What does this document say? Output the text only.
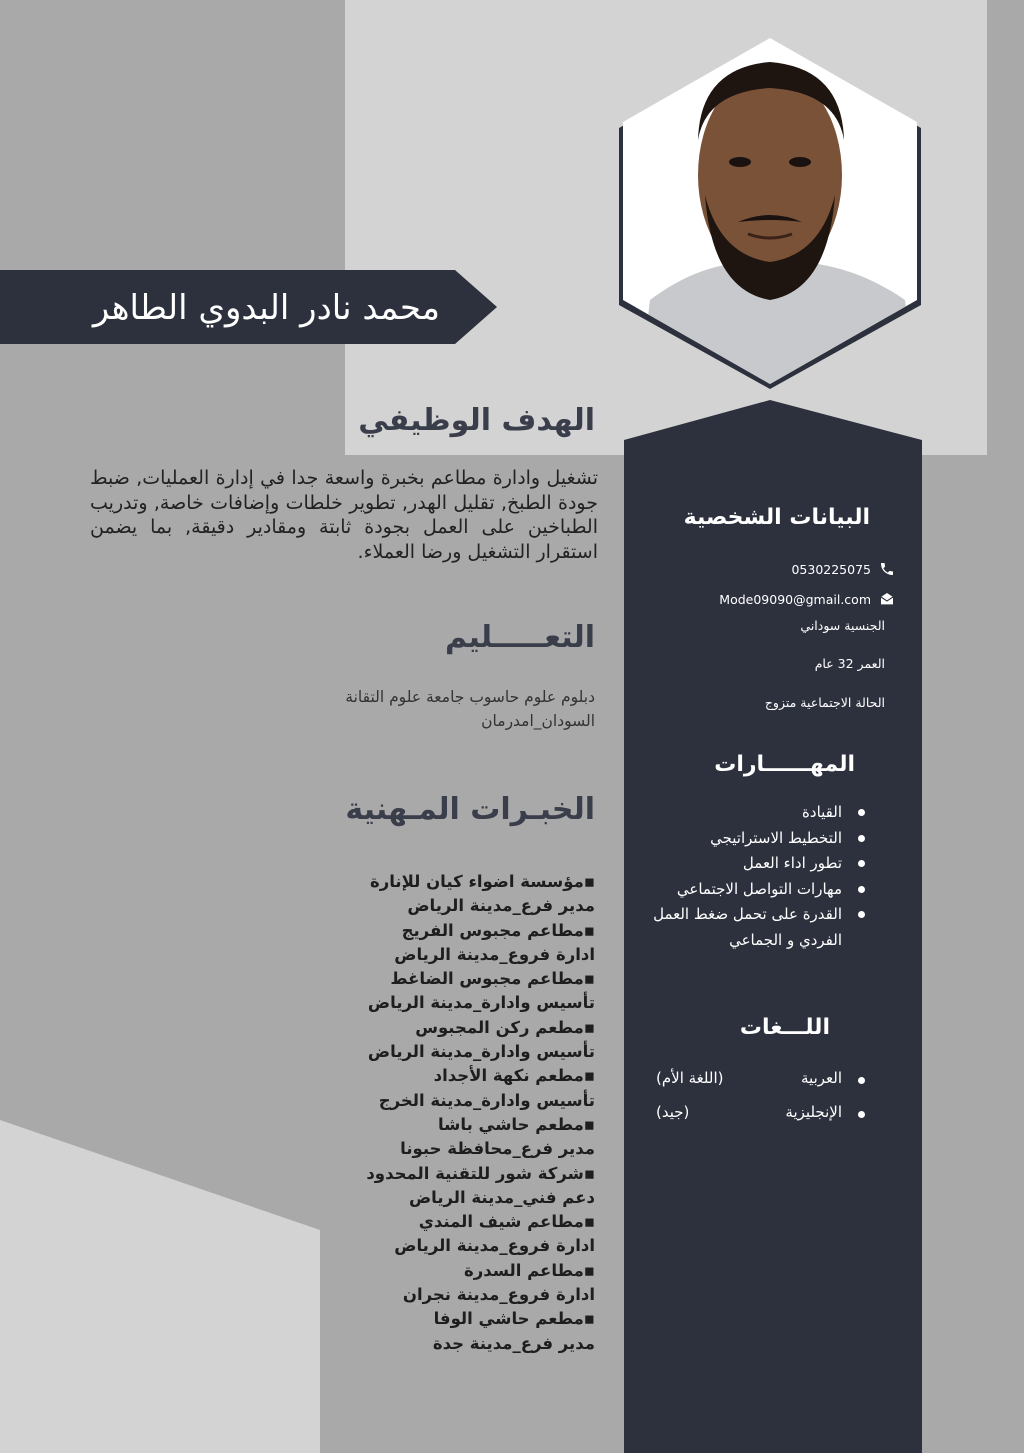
محمد نادر البدوي الطاهر
الهدف الوظيفي
تشغيل وادارة مطاعم بخبرة واسعة جدا في إدارة العمليات, ضبط جودة الطبخ, تقليل الهدر, تطوير خلطات وإضافات خاصة, وتدريب الطباخين على العمل بجودة ثابتة ومقادير دقيقة, بما يضمن استقرار التشغيل ورضا العملاء.
التعـــــليم
دبلوم علوم حاسوب جامعة علوم التقانة
السودان_امدرمان
الخبـرات المـهنية
▪مؤسسة اضواء كيان للإنارة
مدير فرع_مدينة الرياض
▪مطاعم مجبوس الفريج
ادارة فروع_مدينة الرياض
▪مطاعم مجبوس الضاغط
تأسيس وادارة_مدينة الرياض
▪مطعم ركن المجبوس
تأسيس وادارة_مدينة الرياض
▪مطعم نكهة الأجداد
تأسيس وادارة_مدينة الخرج
▪مطعم حاشي باشا
مدير فرع_محافظة حبونا
▪شركة شور للتقنية المحدود
دعم فني_مدينة الرياض
▪مطاعم شيف المندي
ادارة فروع_مدينة الرياض
▪مطاعم السدرة
ادارة فروع_مدينة نجران
▪مطعم حاشي الوفا
مدير فرع_مدينة جدة
البيانات الشخصية
0530225075
Mode09090@gmail.com
الجنسية سوداني
العمر 32 عام
الحالة الاجتماعية متزوج
المهــــــارات
القيادة
التخطيط الاستراتيجي
تطور اداء العمل
مهارات التواصل الاجتماعي
القدرة على تحمل ضغط العمل الفردي و الجماعي
اللـــغات
العربية
(اللغة الأم)
الإنجليزية
(جيد)
